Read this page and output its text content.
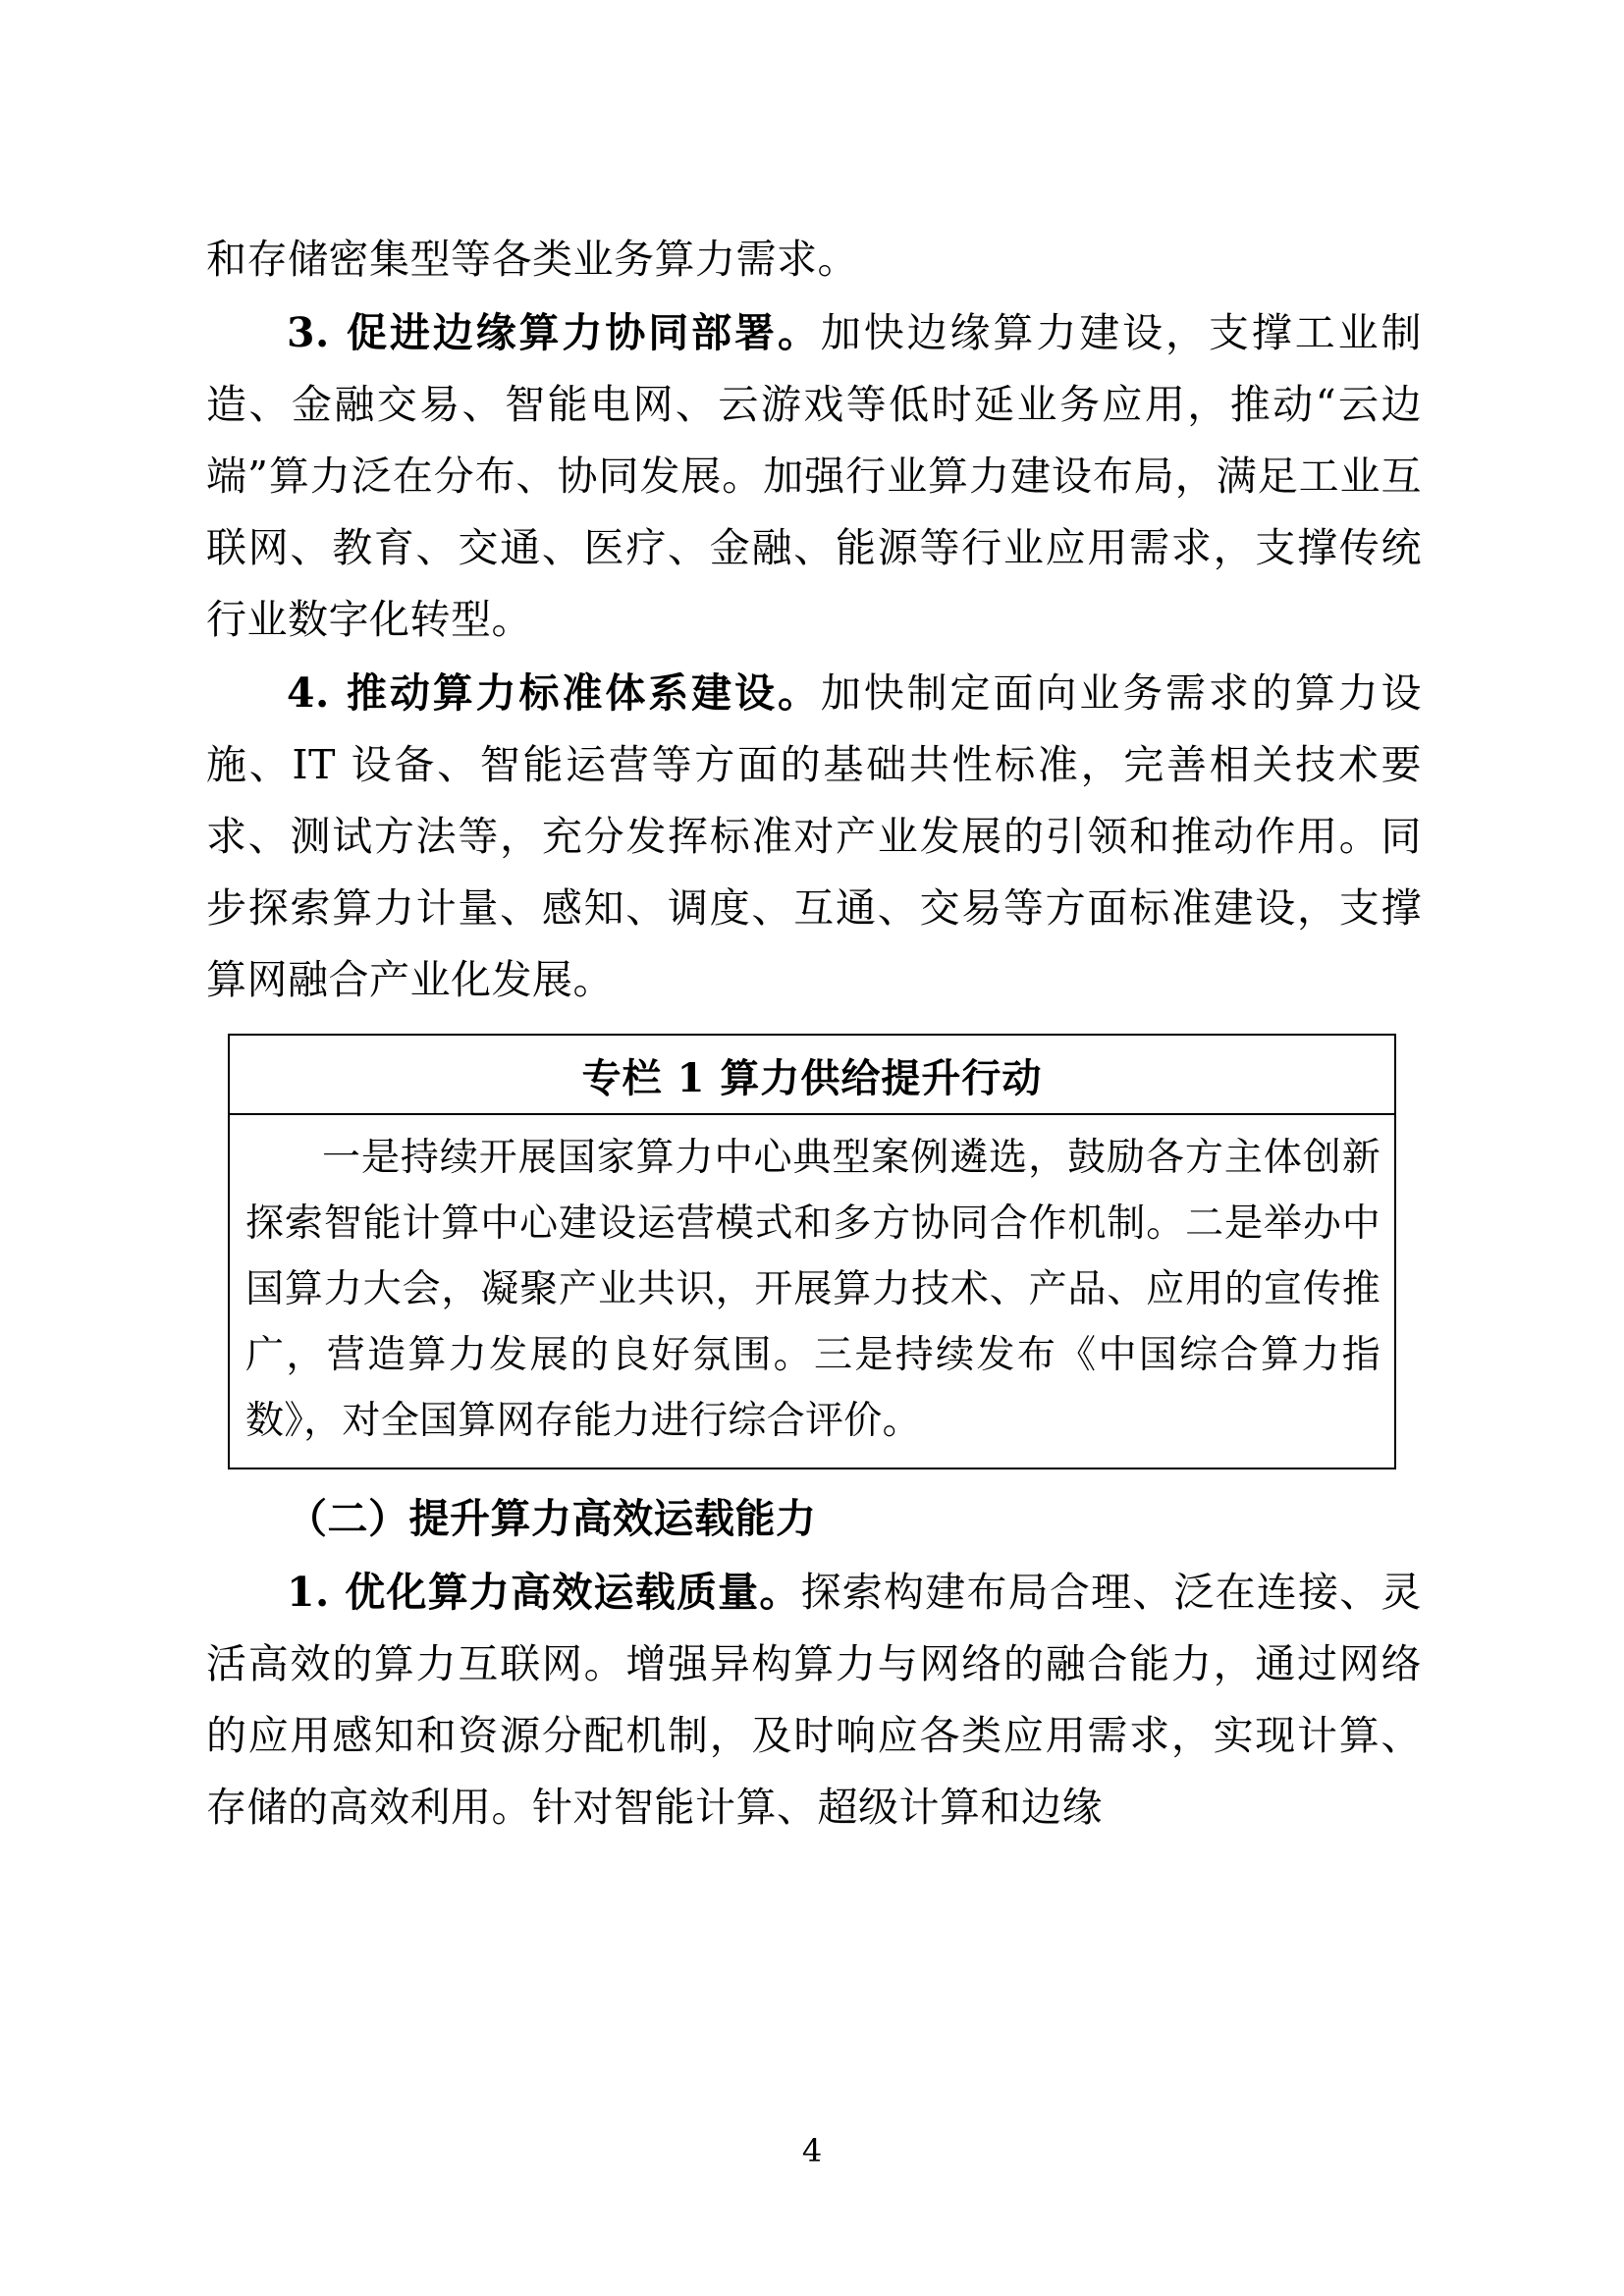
和存储密集型等各类业务算力需求。

3. 促进边缘算力协同部署。加快边缘算力建设，支撑工业制造、金融交易、智能电网、云游戏等低时延业务应用，推动“云边端”算力泛在分布、协同发展。加强行业算力建设布局，满足工业互联网、教育、交通、医疗、金融、能源等行业应用需求，支撑传统行业数字化转型。

4. 推动算力标准体系建设。加快制定面向业务需求的算力设施、IT 设备、智能运营等方面的基础共性标准，完善相关技术要求、测试方法等，充分发挥标准对产业发展的引领和推动作用。同步探索算力计量、感知、调度、互通、交易等方面标准建设，支撑算网融合产业化发展。

专栏 1 算力供给提升行动
一是持续开展国家算力中心典型案例遴选，鼓励各方主体创新探索智能计算中心建设运营模式和多方协同合作机制。二是举办中国算力大会，凝聚产业共识，开展算力技术、产品、应用的宣传推广，营造算力发展的良好氛围。三是持续发布《中国综合算力指数》，对全国算网存能力进行综合评价。

（二）提升算力高效运载能力

1. 优化算力高效运载质量。探索构建布局合理、泛在连接、灵活高效的算力互联网。增强异构算力与网络的融合能力，通过网络的应用感知和资源分配机制，及时响应各类应用需求，实现计算、存储的高效利用。针对智能计算、超级计算和边缘

4
